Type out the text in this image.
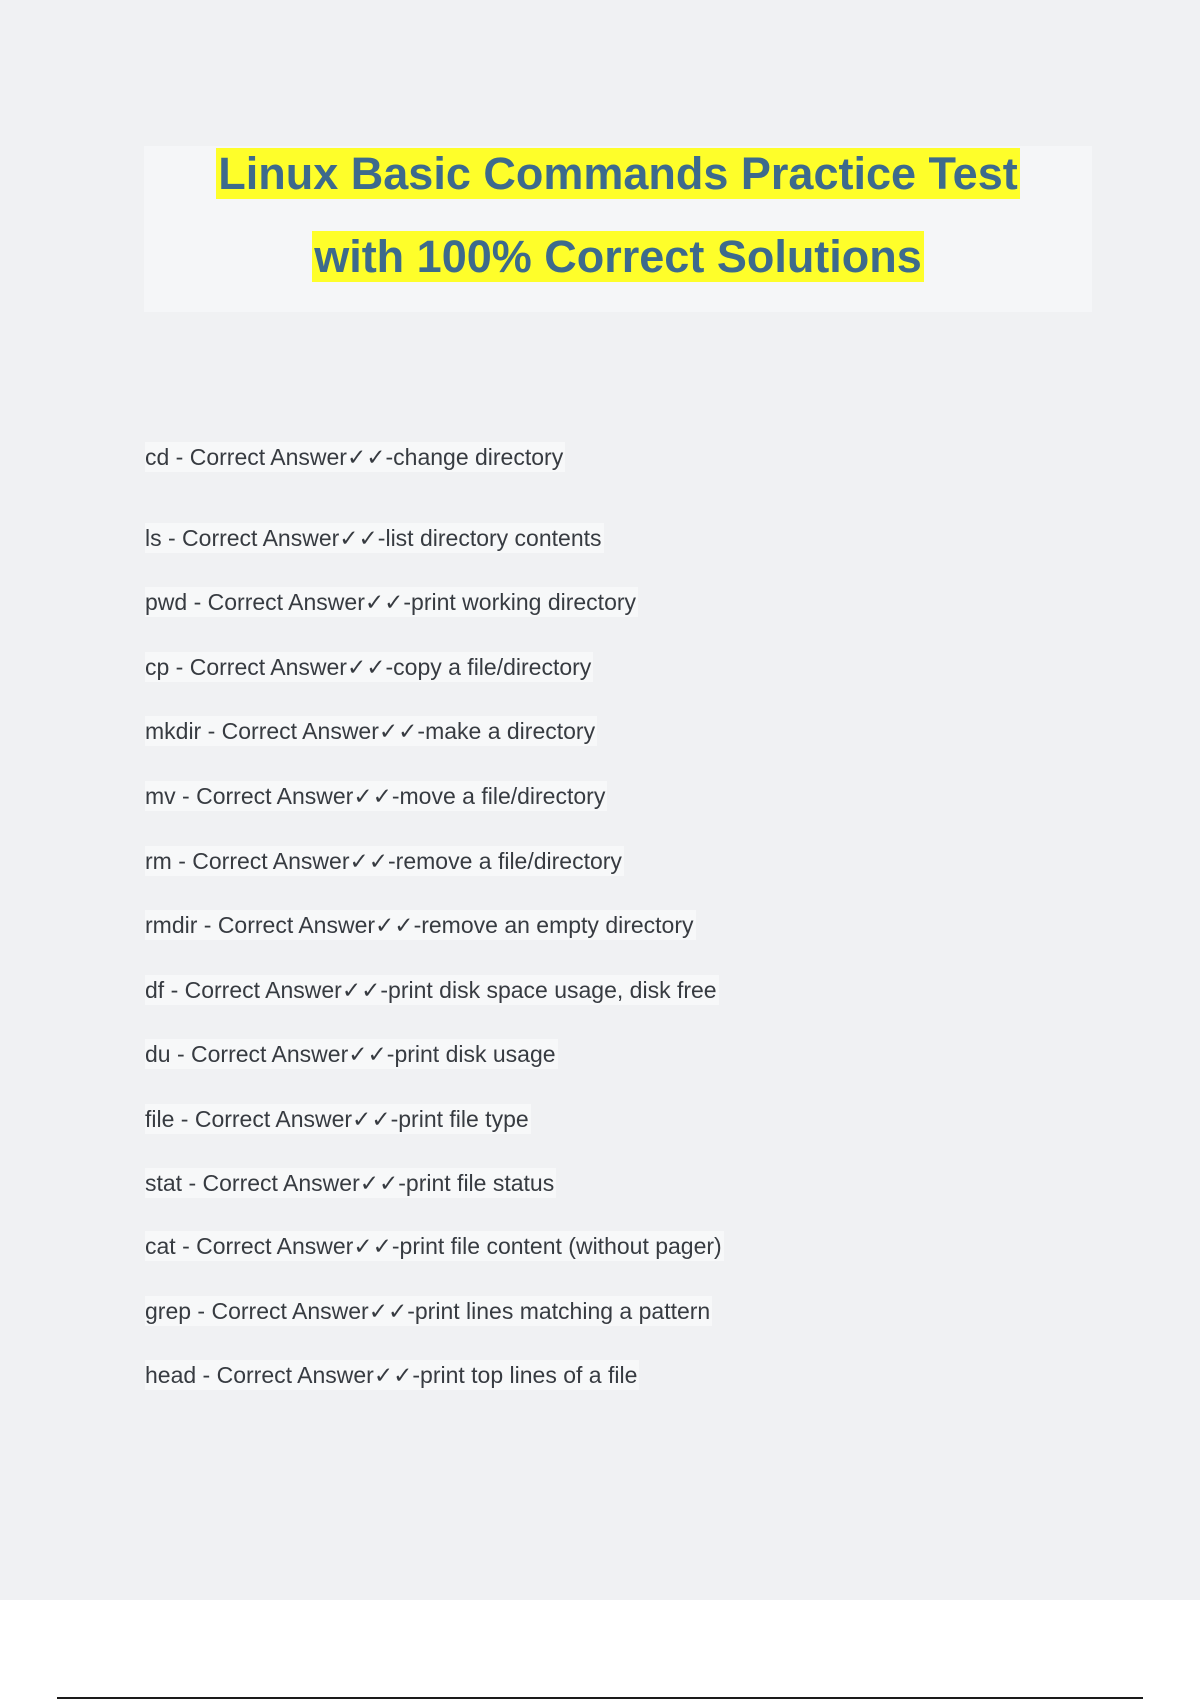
Linux Basic Commands Practice Test
with 100% Correct Solutions
cd - Correct Answer✓✓-change directory
ls - Correct Answer✓✓-list directory contents
pwd - Correct Answer✓✓-print working directory
cp - Correct Answer✓✓-copy a file/directory
mkdir - Correct Answer✓✓-make a directory
mv - Correct Answer✓✓-move a file/directory
rm - Correct Answer✓✓-remove a file/directory
rmdir - Correct Answer✓✓-remove an empty directory
df - Correct Answer✓✓-print disk space usage, disk free
du - Correct Answer✓✓-print disk usage
file - Correct Answer✓✓-print file type
stat - Correct Answer✓✓-print file status
cat - Correct Answer✓✓-print file content (without pager)
grep - Correct Answer✓✓-print lines matching a pattern
head - Correct Answer✓✓-print top lines of a file
